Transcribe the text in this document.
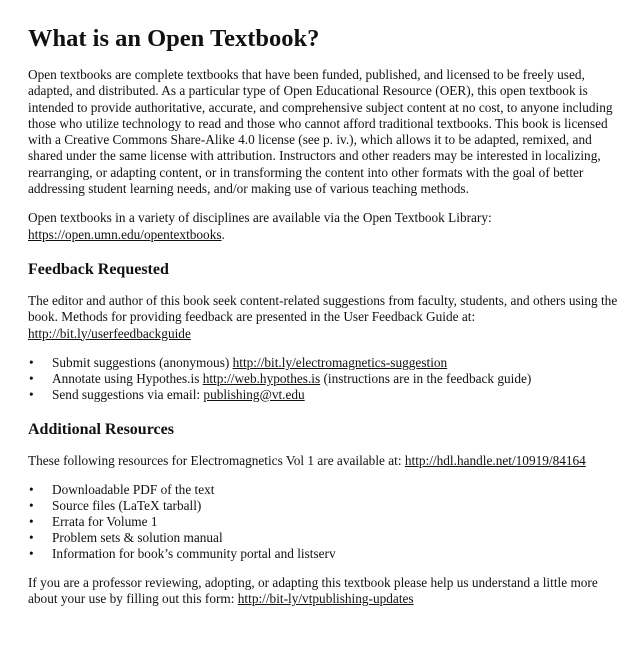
What is an Open Textbook?

Open textbooks are complete textbooks that have been funded, published, and licensed to be freely used, adapted, and distributed. As a particular type of Open Educational Resource (OER), this open textbook is intended to provide authoritative, accurate, and comprehensive subject content at no cost, to anyone including those who utilize technology to read and those who cannot afford traditional textbooks. This book is licensed with a Creative Commons Share-Alike 4.0 license (see p. iv.), which allows it to be adapted, remixed, and shared under the same license with attribution. Instructors and other readers may be interested in localizing, rearranging, or adapting content, or in transforming the content into other formats with the goal of better addressing student learning needs, and/or making use of various teaching methods.

Open textbooks in a variety of disciplines are available via the Open Textbook Library:
https://open.umn.edu/opentextbooks.

Feedback Requested

The editor and author of this book seek content-related suggestions from faculty, students, and others using the book. Methods for providing feedback are presented in the User Feedback Guide at:
http://bit.ly/userfeedbackguide

• Submit suggestions (anonymous) http://bit.ly/electromagnetics-suggestion
• Annotate using Hypothes.is http://web.hypothes.is (instructions are in the feedback guide)
• Send suggestions via email: publishing@vt.edu
Additional Resources

These following resources for Electromagnetics Vol 1 are available at: http://hdl.handle.net/10919/84164

• Downloadable PDF of the text
• Source files (LaTeX tarball)
• Errata for Volume 1
• Problem sets & solution manual
• Information for book’s community portal and listserv

If you are a professor reviewing, adopting, or adapting this textbook please help us understand a little more about your use by filling out this form: http://bit-ly/vtpublishing-updates
